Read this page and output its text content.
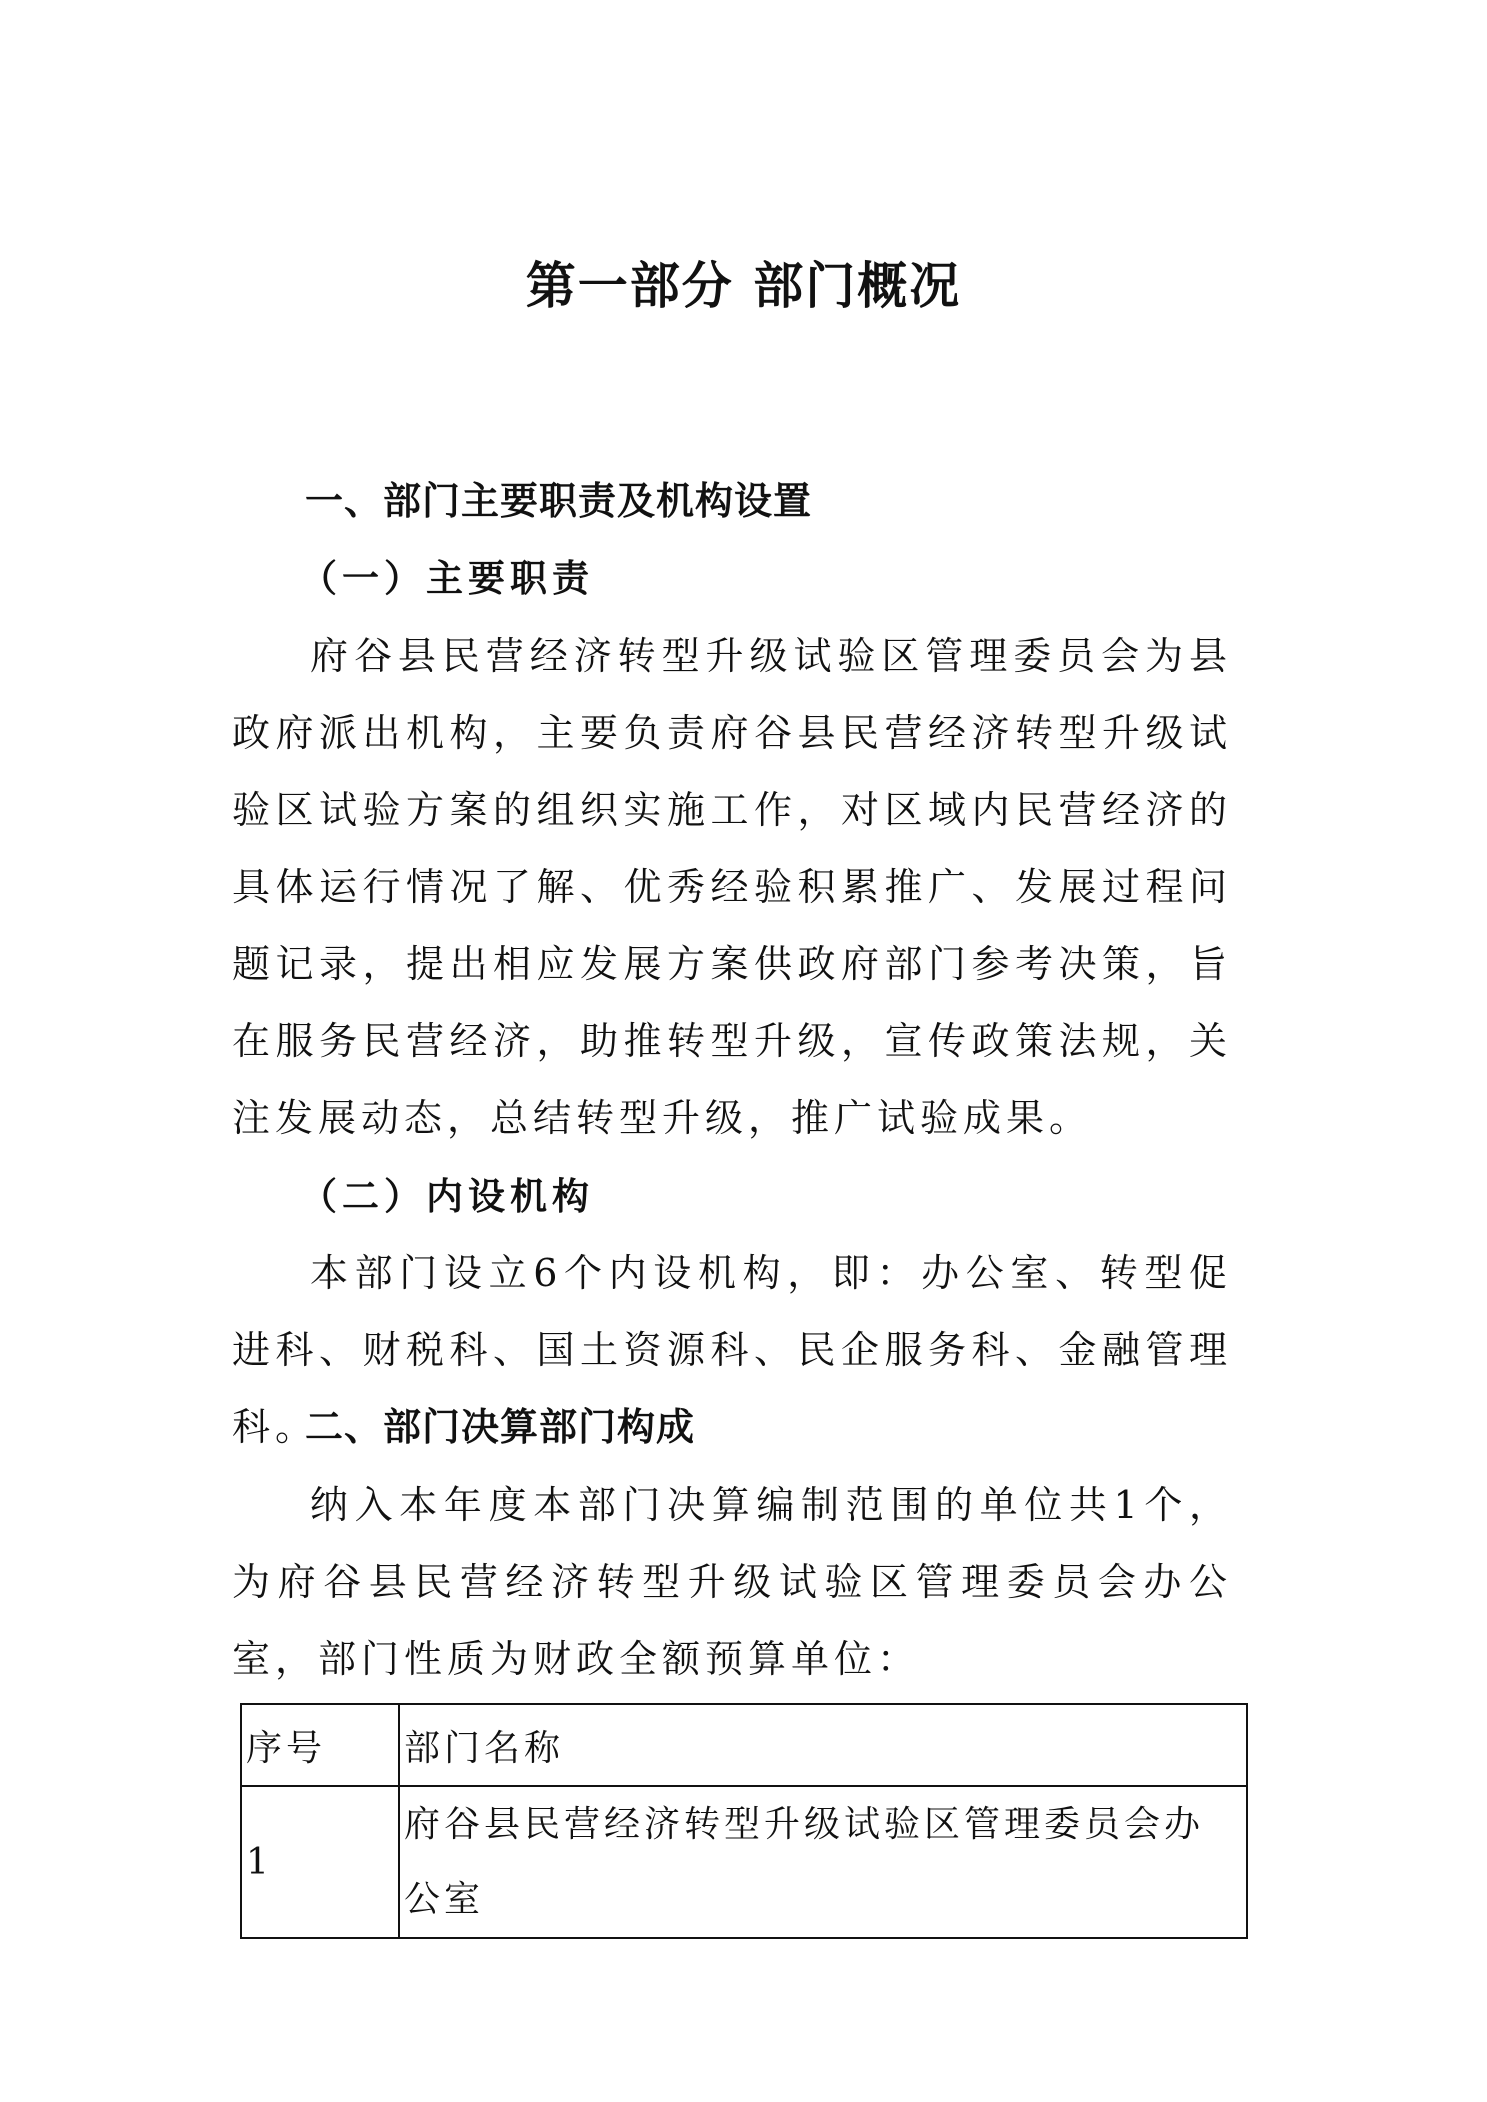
第一部分 部门概况
一、部门主要职责及机构设置
（一）主要职责

府谷县民营经济转型升级试验区管理委员会为县政府派出机构，主要负责府谷县民营经济转型升级试验区试验方案的组织实施工作，对区域内民营经济的具体运行情况了解、优秀经验积累推广、发展过程问题记录，提出相应发展方案供政府部门参考决策，旨在服务民营经济，助推转型升级，宣传政策法规，关注发展动态，总结转型升级，推广试验成果。

（二）内设机构

本部门设立6个内设机构，即：办公室、转型促进科、财税科、国土资源科、民企服务科、金融管理科。

二、部门决算部门构成

纳入本年度本部门决算编制范围的单位共1个，为府谷县民营经济转型升级试验区管理委员会办公室，部门性质为财政全额预算单位：

序号	部门名称
1	府谷县民营经济转型升级试验区管理委员会办公室
